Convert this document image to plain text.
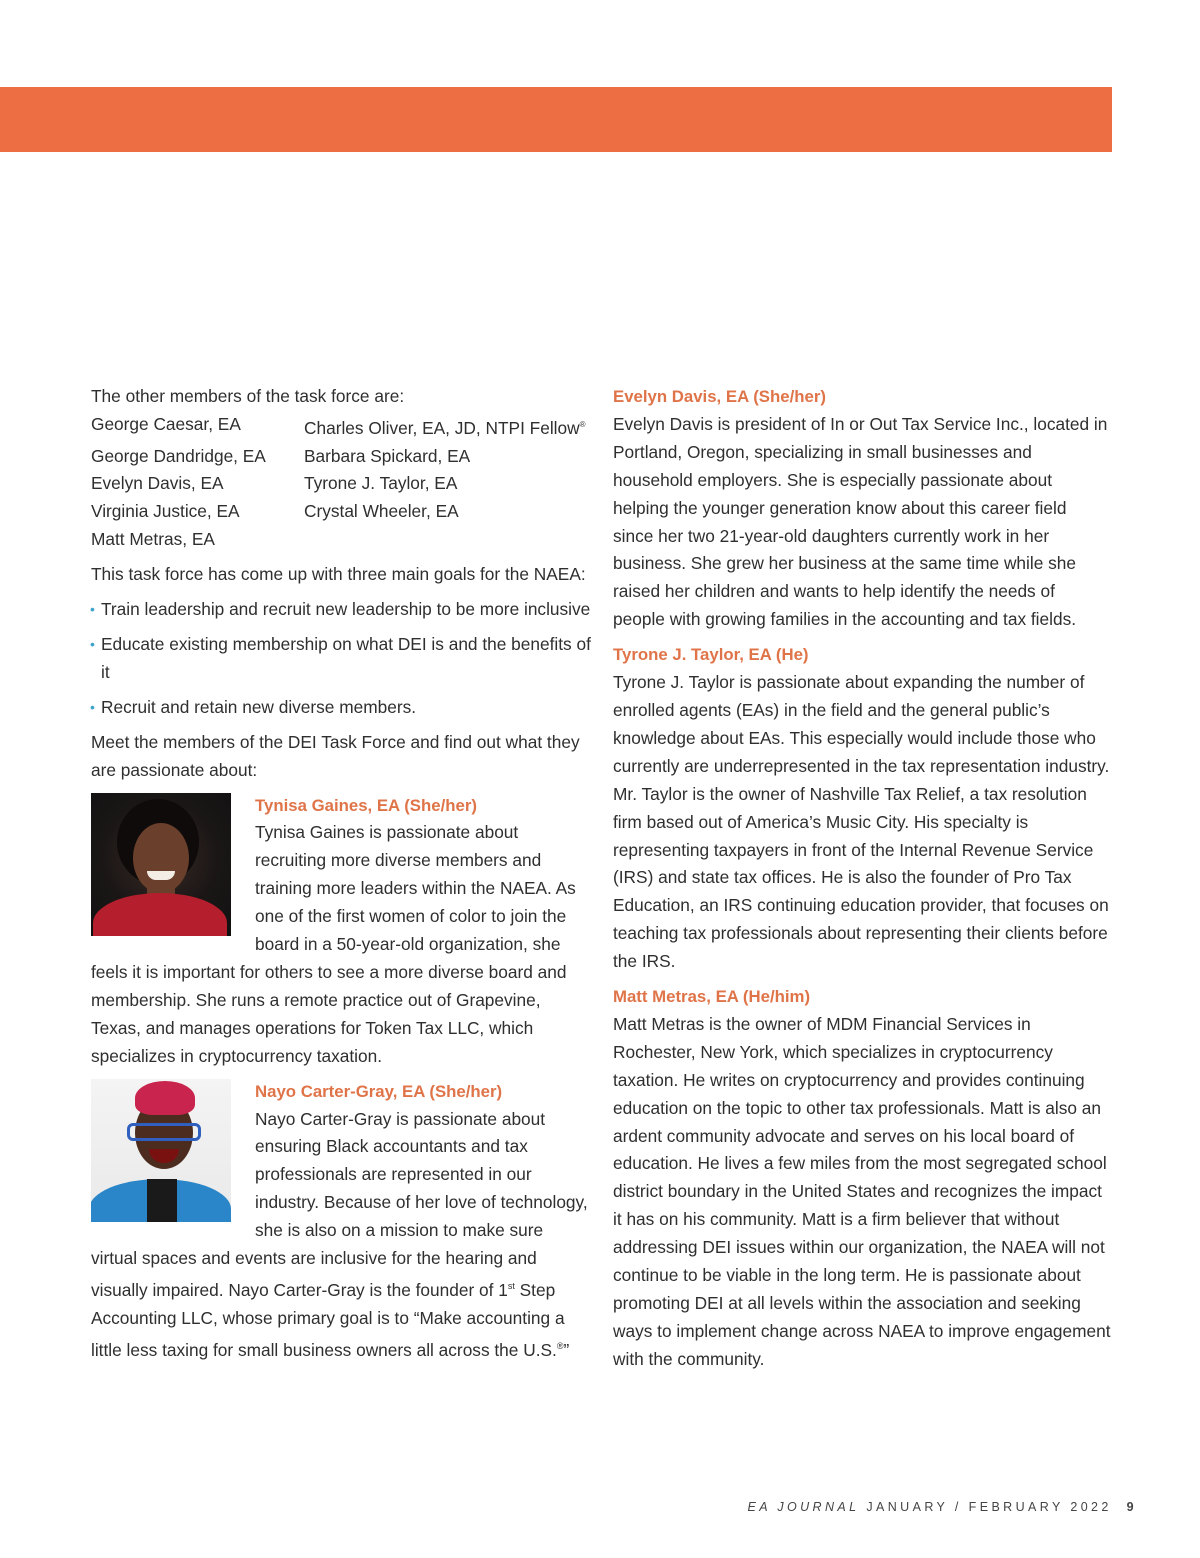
The other members of the task force are:

George Caesar, EA	Charles Oliver, EA, JD, NTPI Fellow®
George Dandridge, EA	Barbara Spickard, EA
Evelyn Davis, EA	Tyrone J. Taylor, EA
Virginia Justice, EA	Crystal Wheeler, EA
Matt Metras, EA

This task force has come up with three main goals for the NAEA:

• Train leadership and recruit new leadership to be more inclusive
• Educate existing membership on what DEI is and the benefits of it
• Recruit and retain new diverse members.

Meet the members of the DEI Task Force and find out what they are passionate about:

Tynisa Gaines, EA (She/her)

Tynisa Gaines is passionate about recruiting more diverse members and training more leaders within the NAEA. As one of the first women of color to join the board in a 50-year-old organization, she feels it is important for others to see a more diverse board and membership. She runs a remote practice out of Grapevine, Texas, and manages operations for Token Tax LLC, which specializes in cryptocurrency taxation.

Nayo Carter-Gray, EA (She/her)

Nayo Carter-Gray is passionate about ensuring Black accountants and tax professionals are represented in our industry. Because of her love of technology, she is also on a mission to make sure virtual spaces and events are inclusive for the hearing and visually impaired. Nayo Carter-Gray is the founder of 1st Step Accounting LLC, whose primary goal is to “Make accounting a little less taxing for small business owners all across the U.S.®”

Evelyn Davis, EA (She/her)

Evelyn Davis is president of In or Out Tax Service Inc., located in Portland, Oregon, specializing in small businesses and household employers. She is especially passionate about helping the younger generation know about this career field since her two 21-year-old daughters currently work in her business. She grew her business at the same time while she raised her children and wants to help identify the needs of people with growing families in the accounting and tax fields.

Tyrone J. Taylor, EA (He)

Tyrone J. Taylor is passionate about expanding the number of enrolled agents (EAs) in the field and the general public’s knowledge about EAs. This especially would include those who currently are underrepresented in the tax representation industry. Mr. Taylor is the owner of Nashville Tax Relief, a tax resolution firm based out of America’s Music City. His specialty is representing taxpayers in front of the Internal Revenue Service (IRS) and state tax offices. He is also the founder of Pro Tax Education, an IRS continuing education provider, that focuses on teaching tax professionals about representing their clients before the IRS.

Matt Metras, EA (He/him)

Matt Metras is the owner of MDM Financial Services in Rochester, New York, which specializes in cryptocurrency taxation. He writes on cryptocurrency and provides continuing education on the topic to other tax professionals. Matt is also an ardent community advocate and serves on his local board of education. He lives a few miles from the most segregated school district boundary in the United States and recognizes the impact it has on his community. Matt is a firm believer that without addressing DEI issues within our organization, the NAEA will not continue to be viable in the long term. He is passionate about promoting DEI at all levels within the association and seeking ways to implement change across NAEA to improve engagement with the community.

EA JOURNAL JANUARY / FEBRUARY 2022 9
